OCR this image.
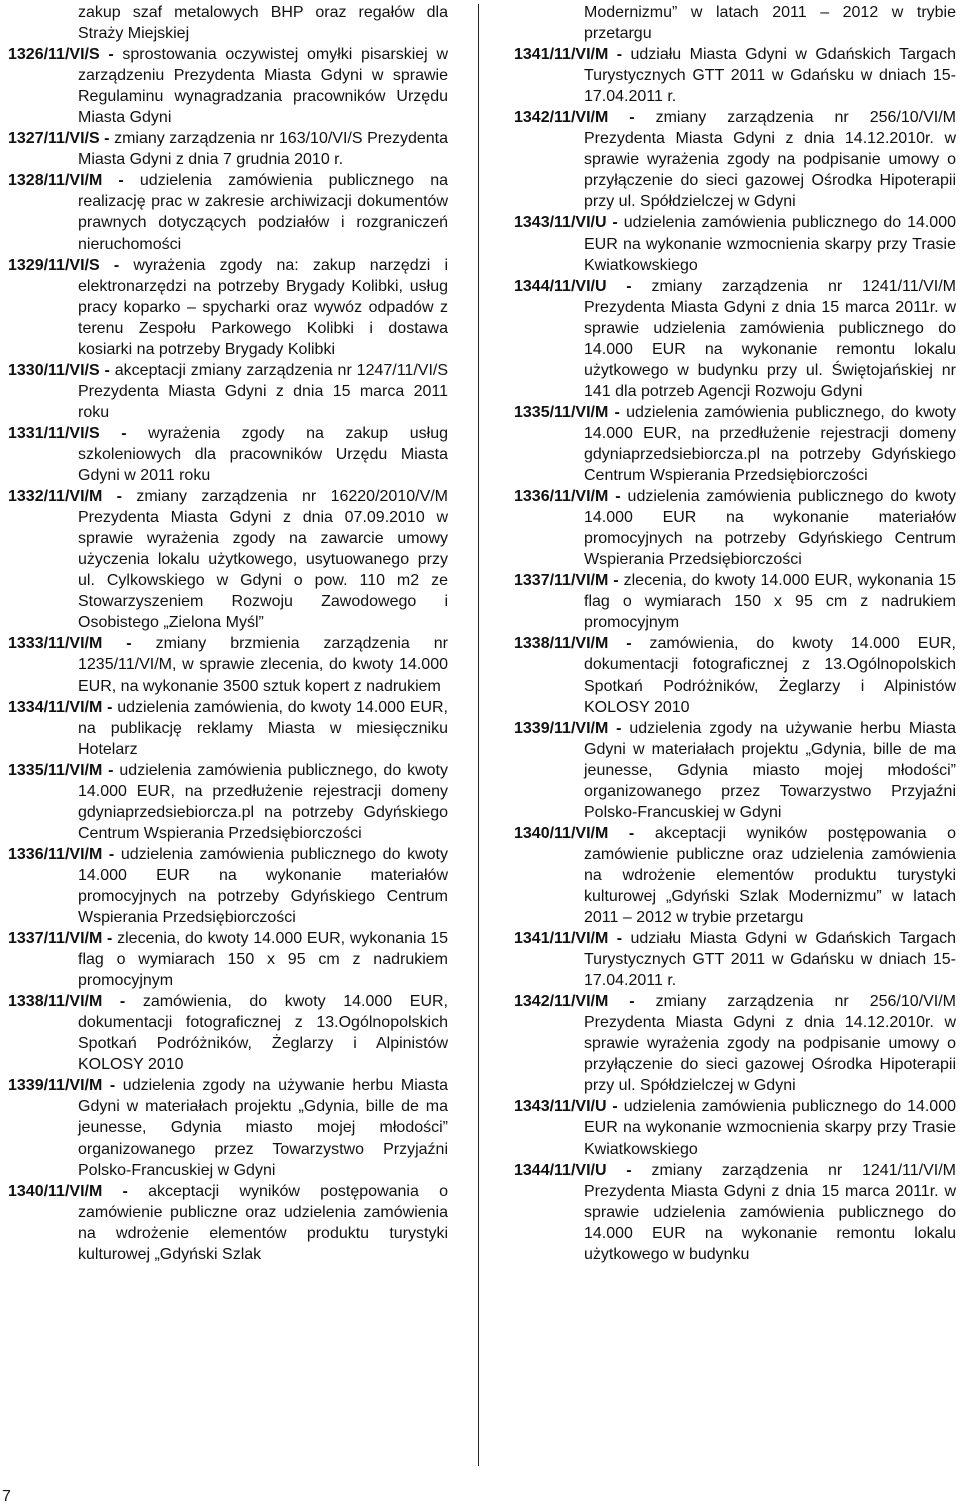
zakup szaf metalowych BHP oraz regałów dla Straży Miejskiej
1326/11/VI/S - sprostowania oczywistej omyłki pisarskiej w zarządzeniu Prezydenta Miasta Gdyni w sprawie Regulaminu wynagradzania pracowników Urzędu Miasta Gdyni
1327/11/VI/S - zmiany zarządzenia nr 163/10/VI/S Prezydenta Miasta Gdyni z dnia 7 grudnia 2010 r.
1328/11/VI/M - udzielenia zamówienia publicznego na realizację prac w zakresie archiwizacji dokumentów prawnych dotyczących podziałów i rozgraniczeń nieruchomości
1329/11/VI/S - wyrażenia zgody na: zakup narzędzi i elektronarzędzi na potrzeby Brygady Kolibki, usług pracy koparko – spycharki oraz wywóz odpadów z terenu Zespołu Parkowego Kolibki i dostawa kosiarki na potrzeby Brygady Kolibki
1330/11/VI/S - akceptacji zmiany zarządzenia nr 1247/11/VI/S Prezydenta Miasta Gdyni z dnia 15 marca 2011 roku
1331/11/VI/S - wyrażenia zgody na zakup usług szkoleniowych dla pracowników Urzędu Miasta Gdyni w 2011 roku
1332/11/VI/M - zmiany zarządzenia nr 16220/2010/V/M Prezydenta Miasta Gdyni z dnia 07.09.2010 w sprawie wyrażenia zgody na zawarcie umowy użyczenia lokalu użytkowego, usytuowanego przy ul. Cylkowskiego w Gdyni o pow. 110 m2 ze Stowarzyszeniem Rozwoju Zawodowego i Osobistego „Zielona Myśl”
1333/11/VI/M - zmiany brzmienia zarządzenia nr 1235/11/VI/M, w sprawie zlecenia, do kwoty 14.000 EUR, na wykonanie 3500 sztuk kopert z nadrukiem
1334/11/VI/M - udzielenia zamówienia, do kwoty 14.000 EUR, na publikację reklamy Miasta w miesięczniku Hotelarz
1335/11/VI/M - udzielenia zamówienia publicznego, do kwoty 14.000 EUR, na przedłużenie rejestracji domeny gdyniaprzedsiebiorcza.pl na potrzeby Gdyńskiego Centrum Wspierania Przedsiębiorczości
1336/11/VI/M - udzielenia zamówienia publicznego do kwoty 14.000 EUR na wykonanie materiałów promocyjnych na potrzeby Gdyńskiego Centrum Wspierania Przedsiębiorczości
1337/11/VI/M - zlecenia, do kwoty 14.000 EUR, wykonania 15 flag o wymiarach 150 x 95 cm z nadrukiem promocyjnym
1338/11/VI/M - zamówienia, do kwoty 14.000 EUR, dokumentacji fotograficznej z 13.Ogólnopolskich Spotkań Podróżników, Żeglarzy i Alpinistów KOLOSY 2010
1339/11/VI/M - udzielenia zgody na używanie herbu Miasta Gdyni w materiałach projektu „Gdynia, bille de ma jeunesse, Gdynia miasto mojej młodości” organizowanego przez Towarzystwo Przyjaźni Polsko-Francuskiej w Gdyni
1340/11/VI/M - akceptacji wyników postępowania o zamówienie publiczne oraz udzielenia zamówienia na wdrożenie elementów produktu turystyki kulturowej „Gdyński Szlak
Modernizmu” w latach 2011 – 2012 w trybie przetargu
1341/11/VI/M - udziału Miasta Gdyni w Gdańskich Targach Turystycznych GTT 2011 w Gdańsku w dniach 15-17.04.2011 r.
1342/11/VI/M - zmiany zarządzenia nr 256/10/VI/M Prezydenta Miasta Gdyni z dnia 14.12.2010r. w sprawie wyrażenia zgody na podpisanie umowy o przyłączenie do sieci gazowej Ośrodka Hipoterapii przy ul. Spółdzielczej w Gdyni
1343/11/VI/U - udzielenia zamówienia publicznego do 14.000 EUR na wykonanie wzmocnienia skarpy przy Trasie Kwiatkowskiego
1344/11/VI/U - zmiany zarządzenia nr 1241/11/VI/M Prezydenta Miasta Gdyni z dnia 15 marca 2011r. w sprawie udzielenia zamówienia publicznego do 14.000 EUR na wykonanie remontu lokalu użytkowego w budynku przy ul. Świętojańskiej nr 141 dla potrzeb Agencji Rozwoju Gdyni
1335/11/VI/M - udzielenia zamówienia publicznego, do kwoty 14.000 EUR, na przedłużenie rejestracji domeny gdyniaprzedsiebiorcza.pl na potrzeby Gdyńskiego Centrum Wspierania Przedsiębiorczości
1336/11/VI/M - udzielenia zamówienia publicznego do kwoty 14.000 EUR na wykonanie materiałów promocyjnych na potrzeby Gdyńskiego Centrum Wspierania Przedsiębiorczości
1337/11/VI/M - zlecenia, do kwoty 14.000 EUR, wykonania 15 flag o wymiarach 150 x 95 cm z nadrukiem promocyjnym
1338/11/VI/M - zamówienia, do kwoty 14.000 EUR, dokumentacji fotograficznej z 13.Ogólnopolskich Spotkań Podróżników, Żeglarzy i Alpinistów KOLOSY 2010
1339/11/VI/M - udzielenia zgody na używanie herbu Miasta Gdyni w materiałach projektu „Gdynia, bille de ma jeunesse, Gdynia miasto mojej młodości” organizowanego przez Towarzystwo Przyjaźni Polsko-Francuskiej w Gdyni
1340/11/VI/M - akceptacji wyników postępowania o zamówienie publiczne oraz udzielenia zamówienia na wdrożenie elementów produktu turystyki kulturowej „Gdyński Szlak Modernizmu” w latach 2011 – 2012 w trybie przetargu
1341/11/VI/M - udziału Miasta Gdyni w Gdańskich Targach Turystycznych GTT 2011 w Gdańsku w dniach 15-17.04.2011 r.
1342/11/VI/M - zmiany zarządzenia nr 256/10/VI/M Prezydenta Miasta Gdyni z dnia 14.12.2010r. w sprawie wyrażenia zgody na podpisanie umowy o przyłączenie do sieci gazowej Ośrodka Hipoterapii przy ul. Spółdzielczej w Gdyni
1343/11/VI/U - udzielenia zamówienia publicznego do 14.000 EUR na wykonanie wzmocnienia skarpy przy Trasie Kwiatkowskiego
1344/11/VI/U - zmiany zarządzenia nr 1241/11/VI/M Prezydenta Miasta Gdyni z dnia 15 marca 2011r. w sprawie udzielenia zamówienia publicznego do 14.000 EUR na wykonanie remontu lokalu użytkowego w budynku
7
